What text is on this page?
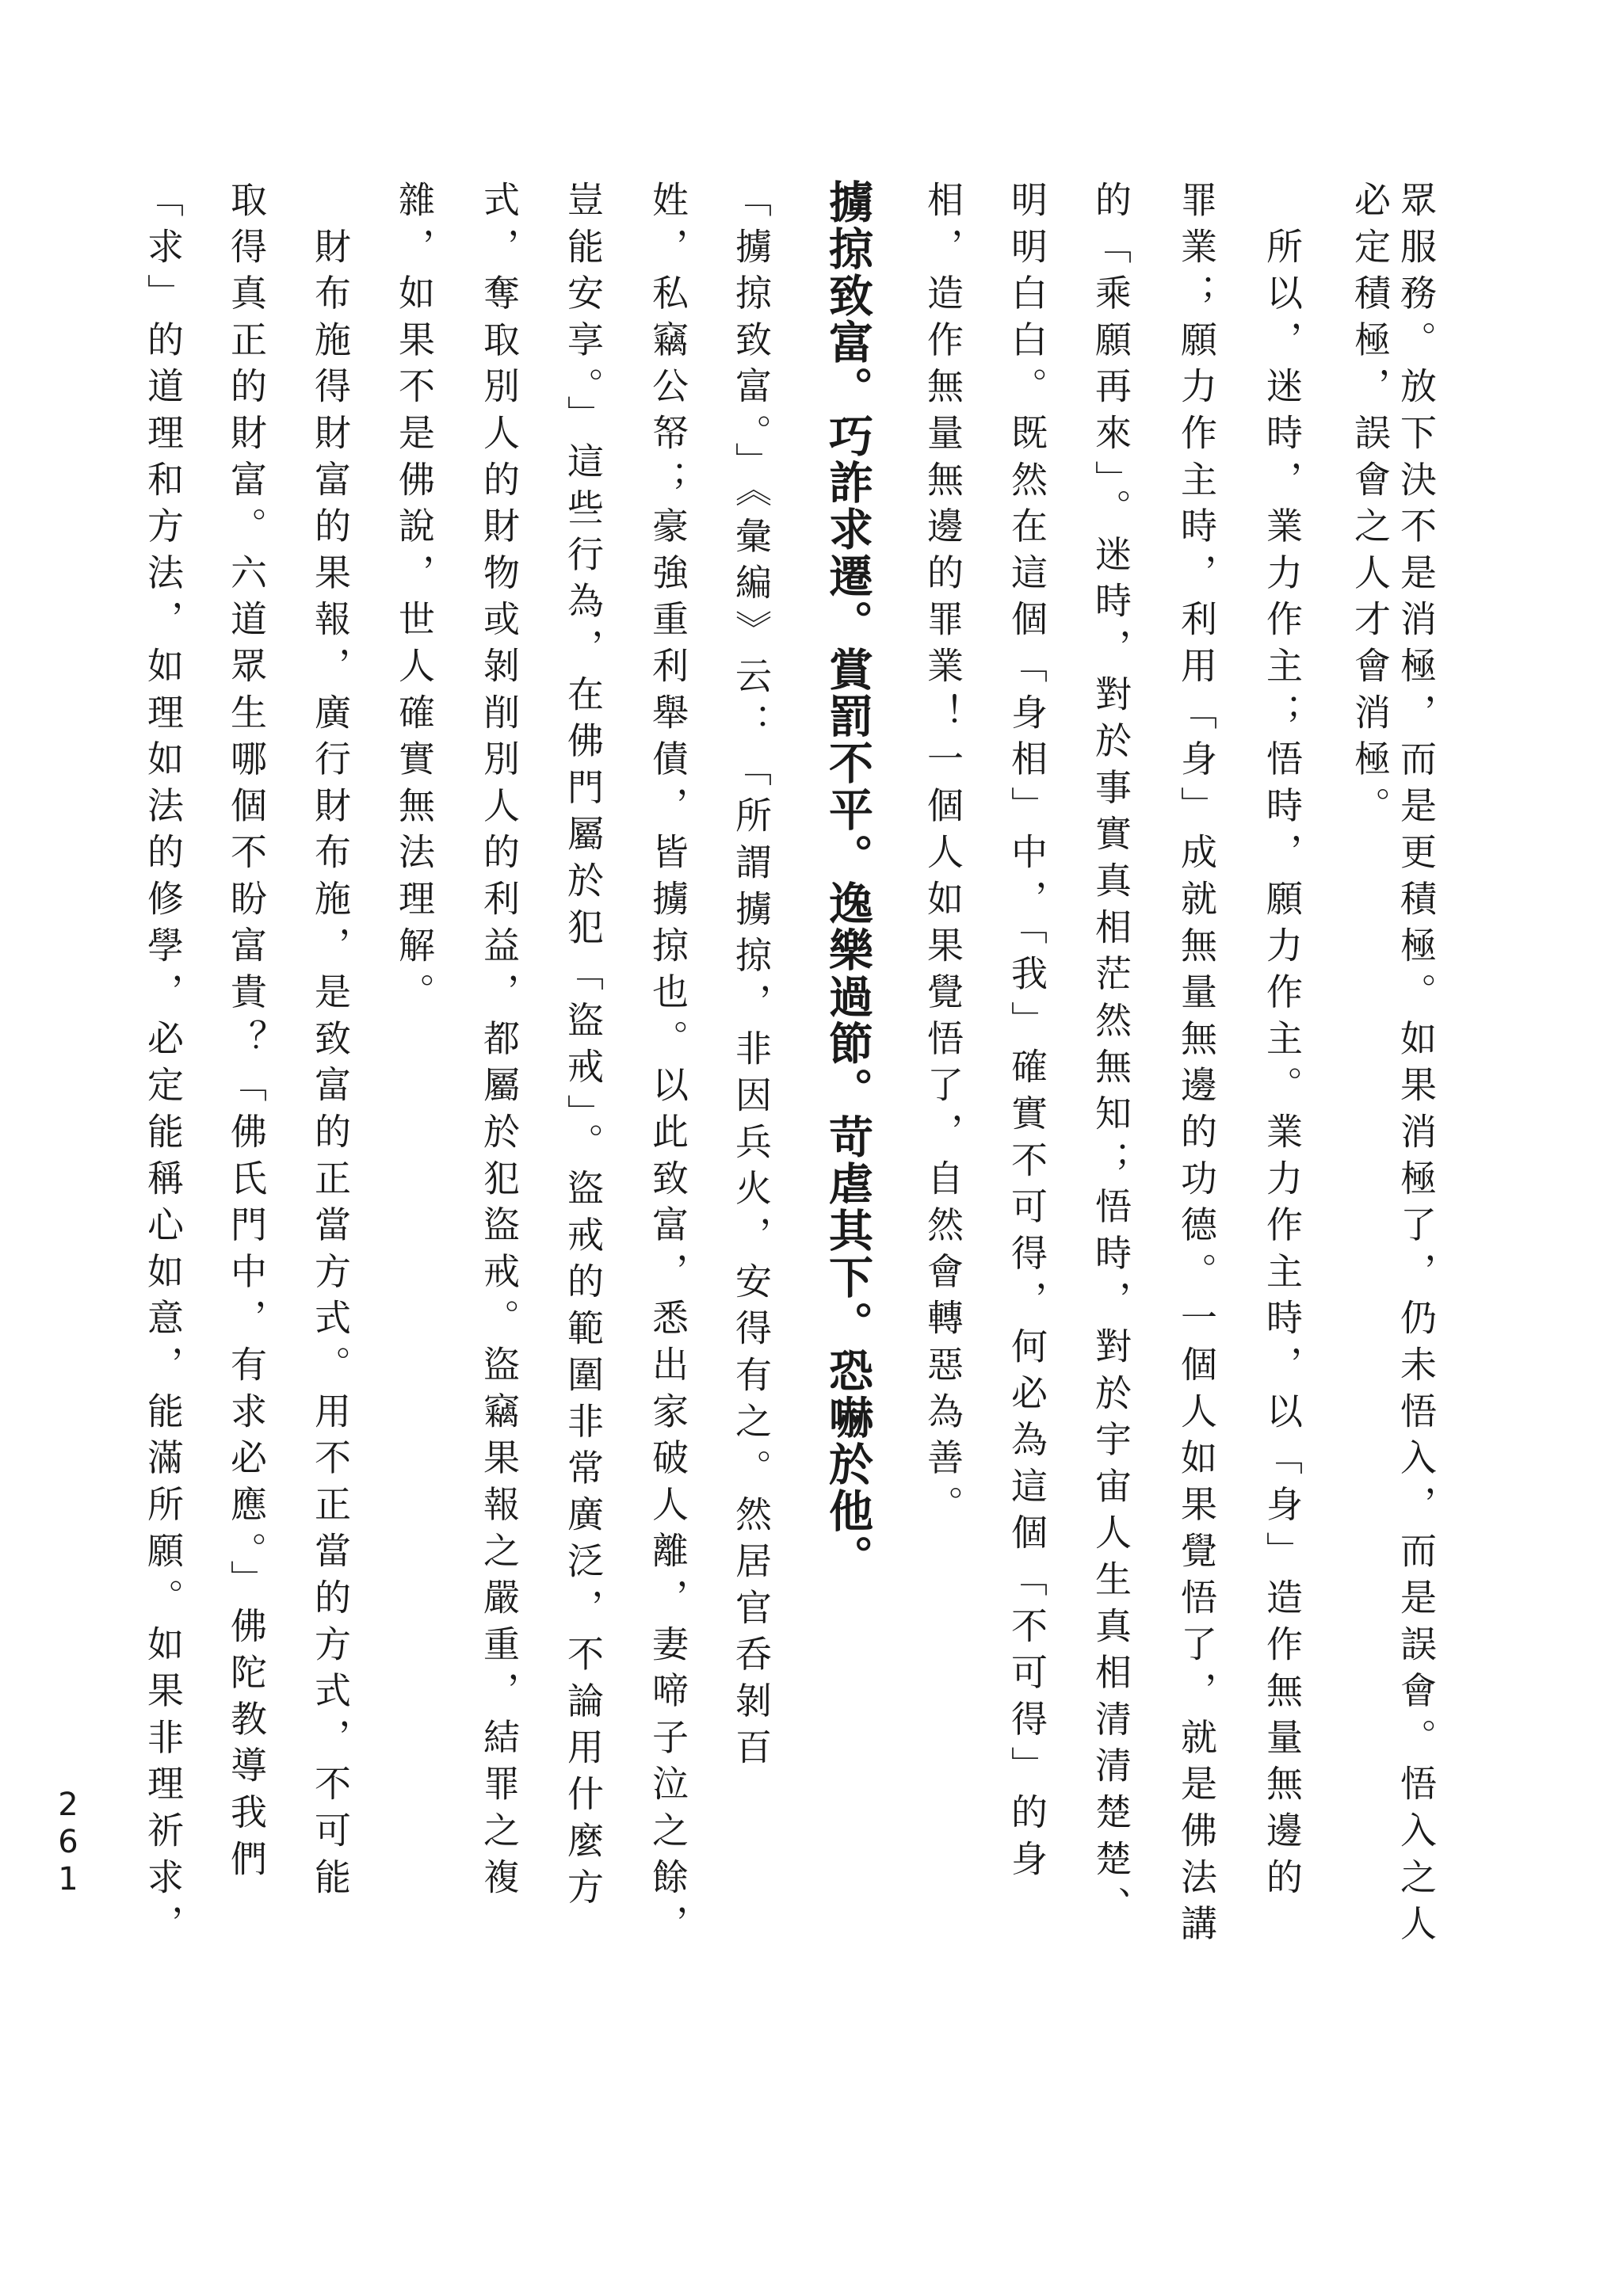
眾服務。放下決不是消極，而是更積極。如果消極了，仍未悟入，而是誤會。悟入之人
必定積極，誤會之人才會消極。
　所以，迷時，業力作主；悟時，願力作主。業力作主時，以「身」造作無量無邊的
罪業；願力作主時，利用「身」成就無量無邊的功德。一個人如果覺悟了，就是佛法講
的「乘願再來」。迷時，對於事實真相茫然無知；悟時，對於宇宙人生真相清清楚楚、
明明白白。既然在這個「身相」中，「我」確實不可得，何必為這個「不可得」的身
相，造作無量無邊的罪業！一個人如果覺悟了，自然會轉惡為善。
擄掠致富。巧詐求遷。賞罰不平。逸樂過節。苛虐其下。恐嚇於他。
「擄掠致富。」《彙編》云：「所謂擄掠，非因兵火，安得有之。然居官呑剝百
姓，私竊公帑；豪強重利舉債，皆擄掠也。以此致富，悉出家破人離，妻啼子泣之餘，
豈能安享。」這些行為，在佛門屬於犯「盜戒」。盜戒的範圍非常廣泛，不論用什麼方
式，奪取別人的財物或剝削別人的利益，都屬於犯盜戒。盜竊果報之嚴重，結罪之複
雜，如果不是佛說，世人確實無法理解。
　財布施得財富的果報，廣行財布施，是致富的正當方式。用不正當的方式，不可能
取得真正的財富。六道眾生哪個不盼富貴？「佛氏門中，有求必應。」佛陀教導我們
「求」的道理和方法，如理如法的修學，必定能稱心如意，能滿所願。如果非理祈求，
261
